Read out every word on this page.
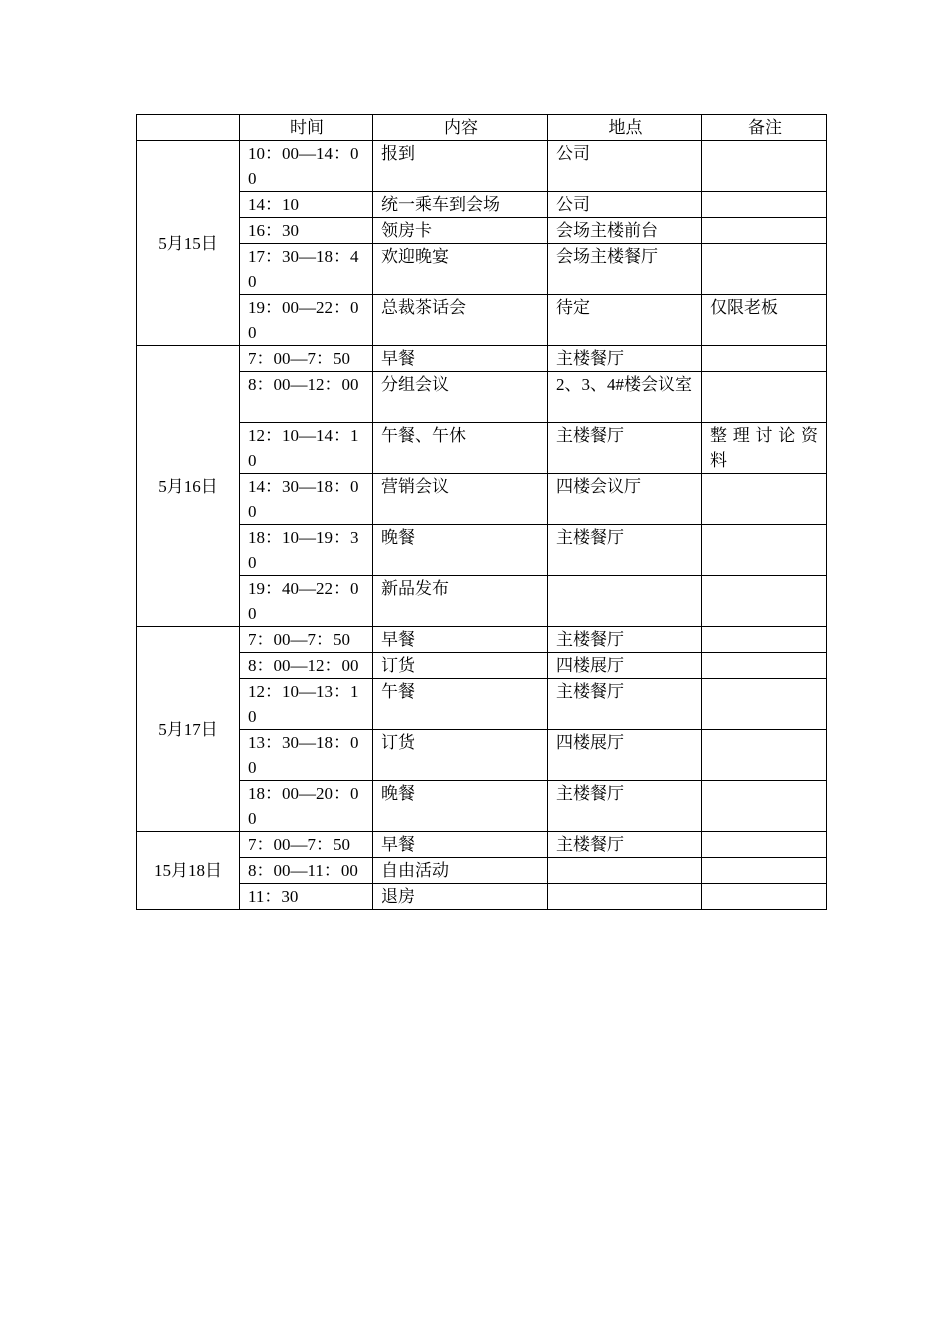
	时间	内容	地点	备注
5月15日	10：00—14：00	报到	公司	
	14：10	统一乘车到会场	公司	
	16：30	领房卡	会场主楼前台	
	17：30—18：40	欢迎晚宴	会场主楼餐厅	
	19：00—22：00	总裁茶话会	待定	仅限老板
5月16日	7：00—7：50	早餐	主楼餐厅	
	8：00—12：00	分组会议	2、3、4#楼会议室	
	12：10—14：10	午餐、午休	主楼餐厅	整理讨论资料
	14：30—18：00	营销会议	四楼会议厅	
	18：10—19：30	晚餐	主楼餐厅	
	19：40—22：00	新品发布		
5月17日	7：00—7：50	早餐	主楼餐厅	
	8：00—12：00	订货	四楼展厅	
	12：10—13：10	午餐	主楼餐厅	
	13：30—18：00	订货	四楼展厅	
	18：00—20：00	晚餐	主楼餐厅	
15月18日	7：00—7：50	早餐	主楼餐厅	
	8：00—11：00	自由活动		
	11：30	退房		
